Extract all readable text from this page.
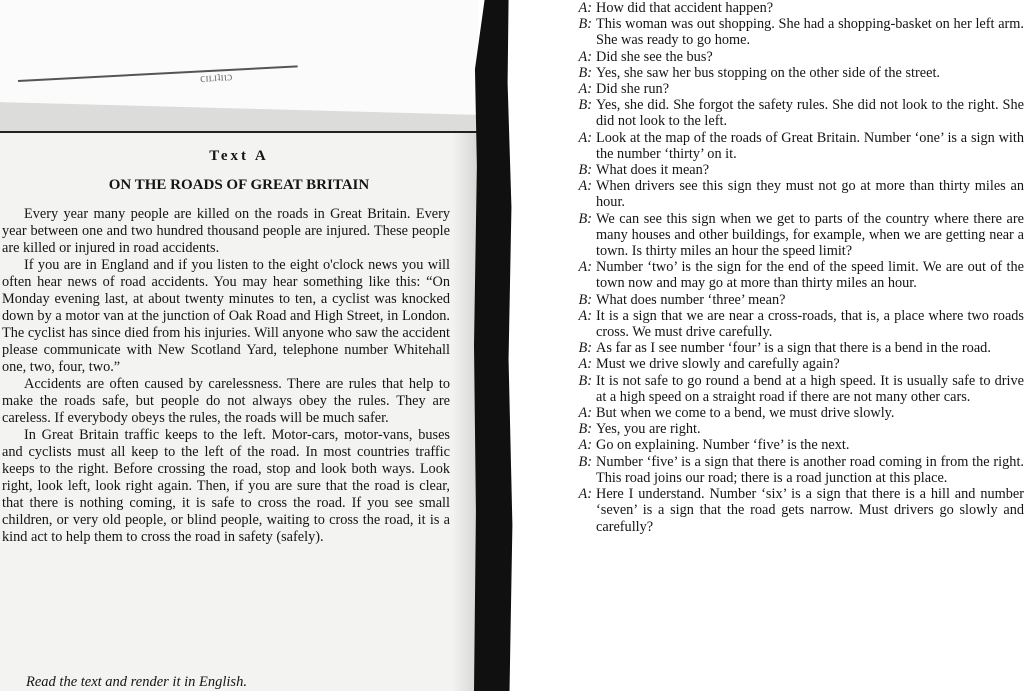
ϲɪʟɪʇɪɩɔ
Text A
ON THE ROADS OF GREAT BRITAIN

Every year many people are killed on the roads in Great Britain. Every year between one and two hundred thousand people are injured. These people are killed or injured in road accidents.

If you are in England and if you listen to the eight o'clock news you will often hear news of road accidents. You may hear something like this: “On Monday evening last, at about twenty minutes to ten, a cyclist was knocked down by a motor van at the junction of Oak Road and High Street, in London. The cyclist has since died from his injuries. Will anyone who saw the accident please communicate with New Scotland Yard, telephone number Whitehall one, two, four, two.”

Accidents are often caused by carelessness. There are rules that help to make the roads safe, but people do not always obey the rules. They are careless. If everybody obeys the rules, the roads will be much safer.

In Great Britain traffic keeps to the left. Motor-cars, motor-vans, buses and cyclists must all keep to the left of the road. In most countries traffic keeps to the right. Before crossing the road, stop and look both ways. Look right, look left, look right again. Then, if you are sure that the road is clear, that there is nothing coming, it is safe to cross the road. If you see small children, or very old people, or blind people, waiting to cross the road, it is a kind act to help them to cross the road in safety (safely).

Read the text and render it in English.
A: How did that accident happen?
B: This woman was out shopping. She had a shopping-basket on her left arm. She was ready to go home.
A: Did she see the bus?
B: Yes, she saw her bus stopping on the other side of the street.
A: Did she run?
B: Yes, she did. She forgot the safety rules. She did not look to the right. She did not look to the left.
A: Look at the map of the roads of Great Britain. Number ‘one’ is a sign with the number ‘thirty’ on it.
B: What does it mean?
A: When drivers see this sign they must not go at more than thirty miles an hour.
B: We can see this sign when we get to parts of the country where there are many houses and other buildings, for example, when we are getting near a town. Is thirty miles an hour the speed limit?
A: Number ‘two’ is the sign for the end of the speed limit. We are out of the town now and may go at more than thirty miles an hour.
B: What does number ‘three’ mean?
A: It is a sign that we are near a cross-roads, that is, a place where two roads cross. We must drive carefully.
B: As far as I see number ‘four’ is a sign that there is a bend in the road.
A: Must we drive slowly and carefully again?
B: It is not safe to go round a bend at a high speed. It is usually safe to drive at a high speed on a straight road if there are not many other cars.
A: But when we come to a bend, we must drive slowly.
B: Yes, you are right.
A: Go on explaining. Number ‘five’ is the next.
B: Number ‘five’ is a sign that there is another road coming in from the right. This road joins our road; there is a road junction at this place.
A: Here I understand. Number ‘six’ is a sign that there is a hill and number ‘seven’ is a sign that the road gets narrow. Must drivers go slowly and carefully?
